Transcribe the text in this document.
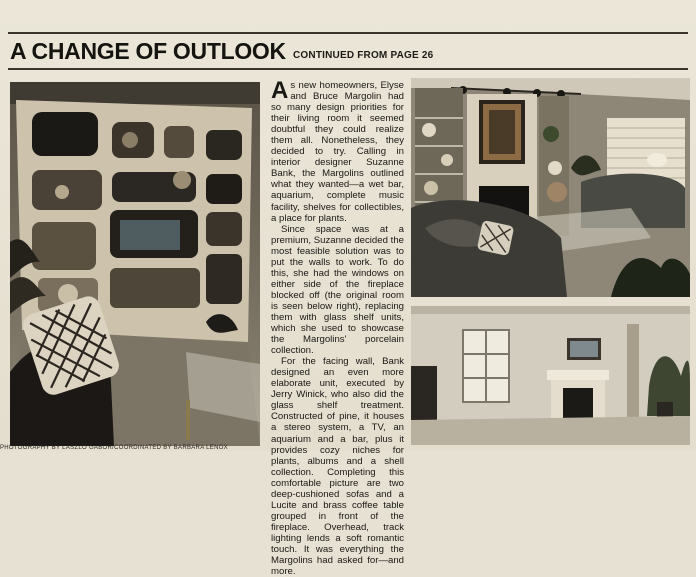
A CHANGE OF OUTLOOK CONTINUED FROM PAGE 26

As new homeowners, Elyse and Bruce Margolin had so many design priorities for their living room it seemed doubtful they could realize them all. Nonetheless, they decided to try. Calling in interior designer Suzanne Bank, the Margolins outlined what they wanted—a wet bar, aquarium, complete music facility, shelves for collectibles, a place for plants.

Since space was at a premium, Suzanne decided the most feasible solution was to put the walls to work. To do this, she had the windows on either side of the fireplace blocked off (the original room is seen below right), replacing them with glass shelf units, which she used to showcase the Margolins' porcelain collection.

For the facing wall, Bank designed an even more elaborate unit, executed by Jerry Winick, who also did the glass shelf treatment. Constructed of pine, it houses a stereo system, a TV, an aquarium and a bar, plus it provides cozy niches for plants, albums and a shell collection. Completing this comfortable picture are two deep-cushioned sofas and a Lucite and brass coffee table grouped in front of the fireplace. Overhead, track lighting lends a soft romantic touch. It was everything the Margolins had asked for—and more.

PHOTOGRAPHY BY LASZLO GABOR/COORDINATED BY BARBARA LENOX
